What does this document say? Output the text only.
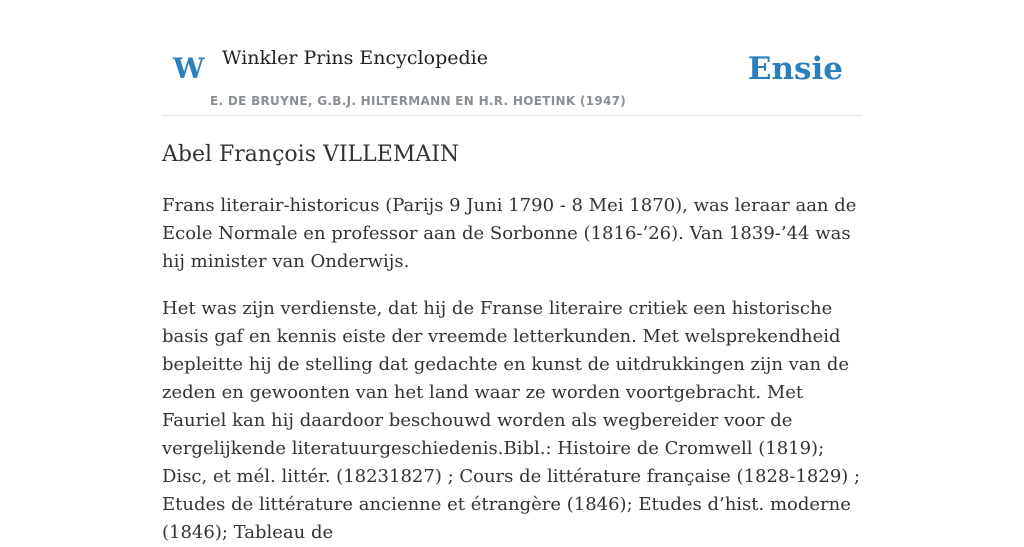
W Winkler Prins Encyclopedie	Ensie
E. DE BRUYNE, G.B.J. HILTERMANN EN H.R. HOETINK (1947)
Abel François VILLEMAIN

Frans literair-historicus (Parijs 9 Juni 1790 - 8 Mei 1870), was leraar aan de Ecole Normale en professor aan de Sorbonne (1816-’26). Van 1839-’44 was hij minister van Onderwijs.

Het was zijn verdienste, dat hij de Franse literaire critiek een historische basis gaf en kennis eiste der vreemde letterkunden. Met welsprekendheid bepleitte hij de stelling dat gedachte en kunst de uitdrukkingen zijn van de zeden en gewoonten van het land waar ze worden voortgebracht. Met Fauriel kan hij daardoor beschouwd worden als wegbereider voor de vergelijkende literatuurgeschiedenis.Bibl.: Histoire de Cromwell (1819); Disc, et mél. littér. (18231827) ; Cours de littérature française (1828-1829) ; Etudes de littérature ancienne et étrangère (1846); Etudes d’hist. moderne (1846); Tableau de
